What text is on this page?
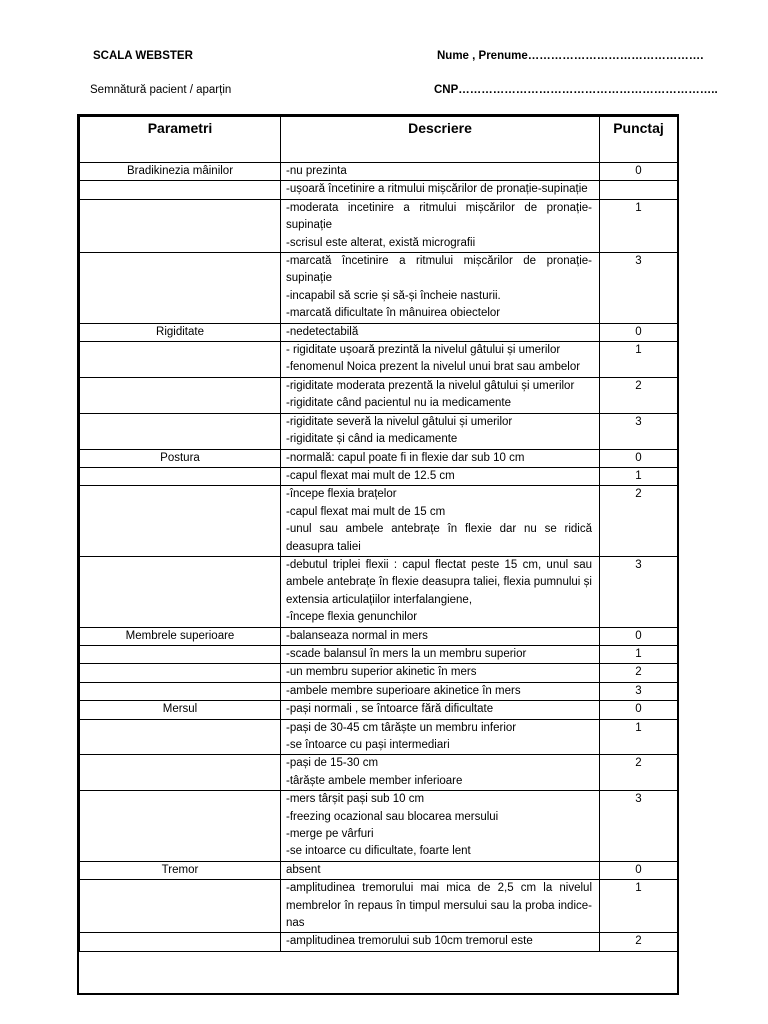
SCALA WEBSTER	Nume , Prenume……………………………………….
Semnătură pacient / aparțin	CNP…………………………………………………………..
Parametri	Descriere	Punctaj
Bradikinezia mâinilor	-nu prezinta	0

	-ușoară încetinire a ritmului mișcărilor de pronație-supinație	

	-moderata incetinire a ritmului mișcărilor de pronație-supinație
-scrisul este alterat, există micrografii	1

	-marcată încetinire a ritmului mișcărilor de pronație-supinație
-incapabil să scrie și să-și încheie nasturii.
-marcată dificultate în mânuirea obiectelor	3
Rigiditate	-nedetectabilă	0

	- rigiditate ușoară prezintă la nivelul gâtului și umerilor
-fenomenul Noica prezent la nivelul unui brat sau ambelor	1

	-rigiditate moderata prezentă la nivelul gâtului și umerilor
-rigiditate când pacientul nu ia medicamente	2

	-rigiditate severă la nivelul gâtului și umerilor
-rigiditate și când ia medicamente	3
Postura	-normală: capul poate fi in flexie dar sub 10 cm	0

	-capul flexat mai mult de 12.5 cm	1

	-începe flexia brațelor
-capul flexat mai mult de 15 cm
-unul sau ambele antebrațe în flexie dar nu se ridică deasupra taliei	2

	-debutul triplei flexii : capul flectat peste 15 cm, unul sau ambele antebrațe în flexie deasupra taliei, flexia pumnului și extensia articulațiilor interfalangiene,
-începe flexia genunchilor	3
Membrele superioare	-balanseaza normal in mers	0

	-scade balansul în mers la un membru superior	1

	-un membru superior akinetic în mers	2

	-ambele membre superioare akinetice în mers	3
Mersul	-pași normali , se întoarce fără dificultate	0

	-pași de 30-45 cm târăște un membru inferior
-se întoarce cu pași intermediari	1

	-pași de 15-30 cm
-târăște ambele member inferioare	2

	-mers târșit pași sub 10 cm
-freezing ocazional sau blocarea mersului
-merge pe vârfuri
-se intoarce cu dificultate, foarte lent	3
Tremor	absent	0

	-amplitudinea tremorului mai mica de 2,5 cm la nivelul membrelor în repaus în timpul mersului sau la proba indice-nas	1

	-amplitudinea tremorului sub 10cm tremorul este	2
